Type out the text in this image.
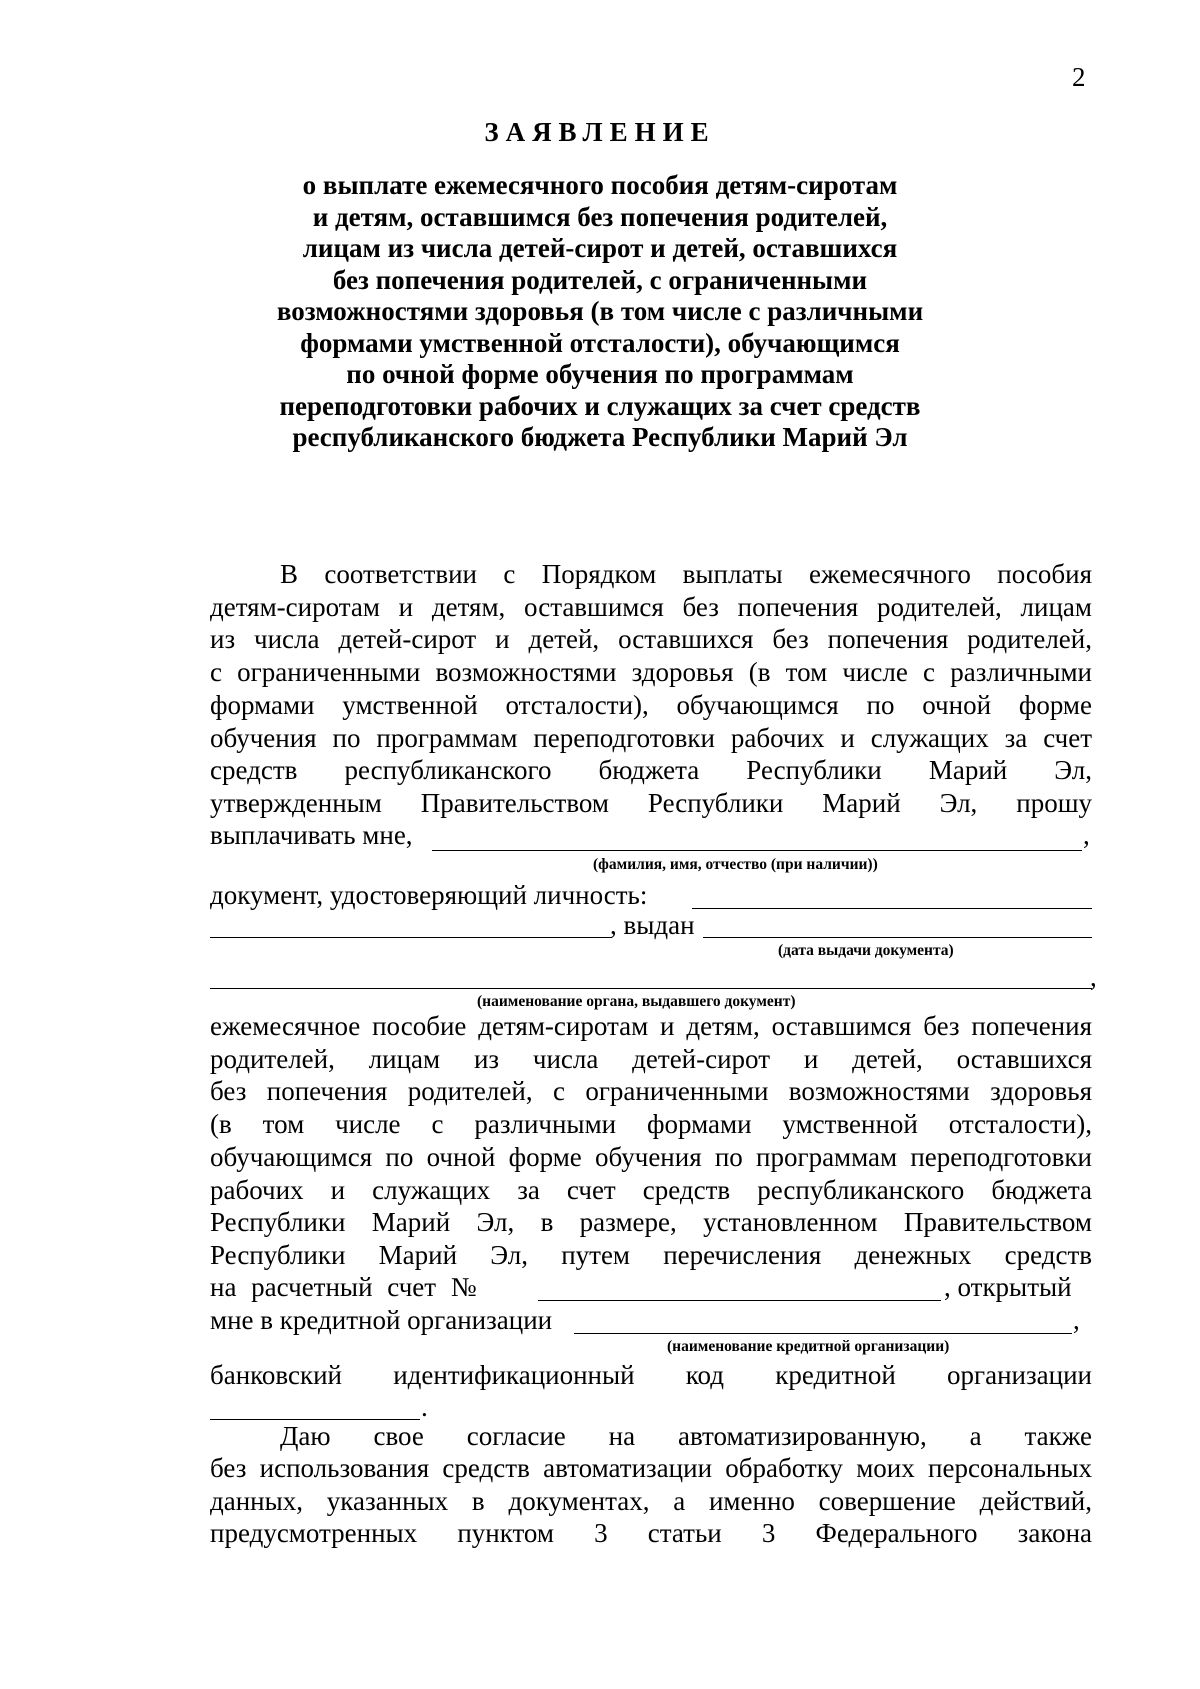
2
ЗАЯВЛЕНИЕ
о выплате ежемесячного пособия детям-сиротам
и детям, оставшимся без попечения родителей,
лицам из числа детей-сирот и детей, оставшихся
без попечения родителей, с ограниченными
возможностями здоровья (в том числе с различными
формами умственной отсталости), обучающимся
по очной форме обучения по программам
переподготовки рабочих и служащих за счет средств
республиканского бюджета Республики Марий Эл
В соответствии с Порядком выплаты ежемесячного пособия
детям-сиротам и детям, оставшимся без попечения родителей, лицам
из числа детей-сирот и детей, оставшихся без попечения родителей,
с ограниченными возможностями здоровья (в том числе с различными
формами умственной отсталости), обучающимся по очной форме
обучения по программам переподготовки рабочих и служащих за счет
средств республиканского бюджета Республики Марий Эл,
утвержденным Правительством Республики Марий Эл, прошу
выплачивать мне,	,
(фамилия, имя, отчество (при наличии))
документ, удостоверяющий личность:
, выдан
(дата выдачи документа)
,
(наименование органа, выдавшего документ)
ежемесячное пособие детям-сиротам и детям, оставшимся без попечения
родителей, лицам из числа детей-сирот и детей, оставшихся
без попечения родителей, с ограниченными возможностями здоровья
(в том числе с различными формами умственной отсталости),
обучающимся по очной форме обучения по программам переподготовки
рабочих и служащих за счет средств республиканского бюджета
Республики Марий Эл, в размере, установленном Правительством
Республики Марий Эл, путем перечисления денежных средств
на расчетный счет №	, открытый
мне в кредитной организации	,
(наименование кредитной организации)
банковский идентификационный код кредитной организации
.
Даю свое согласие на автоматизированную, а также
без использования средств автоматизации обработку моих персональных
данных, указанных в документах, а именно совершение действий,
предусмотренных пунктом 3 статьи 3 Федерального закона
